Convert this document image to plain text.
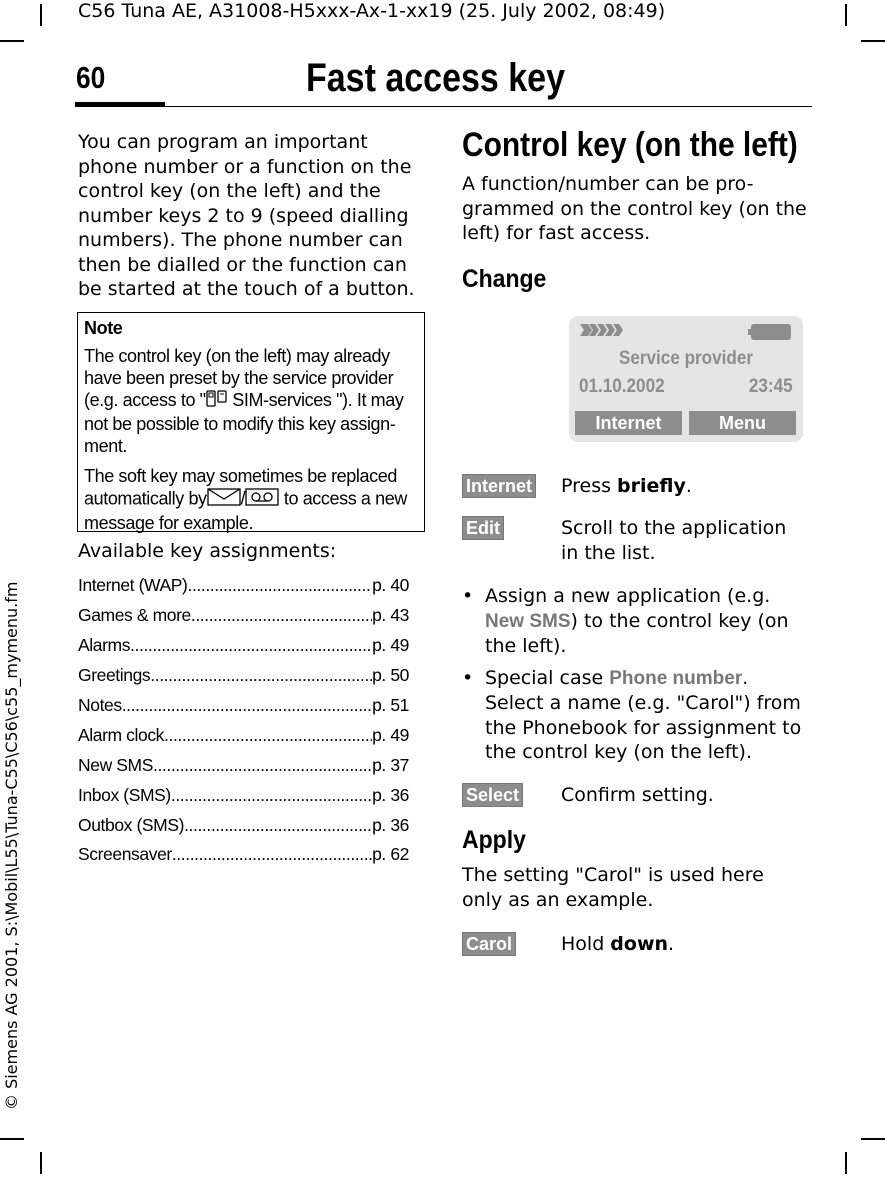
C56 Tuna AE, A31008-H5xxx-Ax-1-xx19 (25. July 2002, 08:49)
60	Fast access key
© Siemens AG 2001, S:\Mobil\L55\Tuna-C55\C56\c55_mymenu.fm
You can program an important phone number or a function on the control key (on the left) and the number keys 2 to 9 (speed dialling numbers). The phone number can then be dialled or the function can be started at the touch of a button.
Note

The control key (on the left) may already have been preset by the service provider (e.g. access to " SIM-services "). It may not be possible to modify this key assign-ment.

The soft key may sometimes be replaced automatically by / to access a new message for example.

Available key assignments:
Internet (WAP) .....	p. 40
Games & more .....	p. 43
Alarms .....	p. 49
Greetings .....	p. 50
Notes .....	p. 51
Alarm clock .....	p. 49
New SMS .....	p. 37
Inbox (SMS) .....	p. 36
Outbox (SMS) .....	p. 36
Screensaver .....	p. 62
Control key (on the left)
A function/number can be pro-grammed on the control key (on the left) for fast access.
Change
Service provider
01.10.2002	23:45
Internet	Menu
Internet Press briefly.
Edit	Scroll to the application in the list.
• Assign a new application (e.g. New SMS) to the control key (on the left).
• Special case Phone number. Select a name (e.g. "Carol") from the Phonebook for assignment to the control key (on the left).
Select Confirm setting.
Apply
The setting "Carol" is used here only as an example.
Carol	Hold down.
